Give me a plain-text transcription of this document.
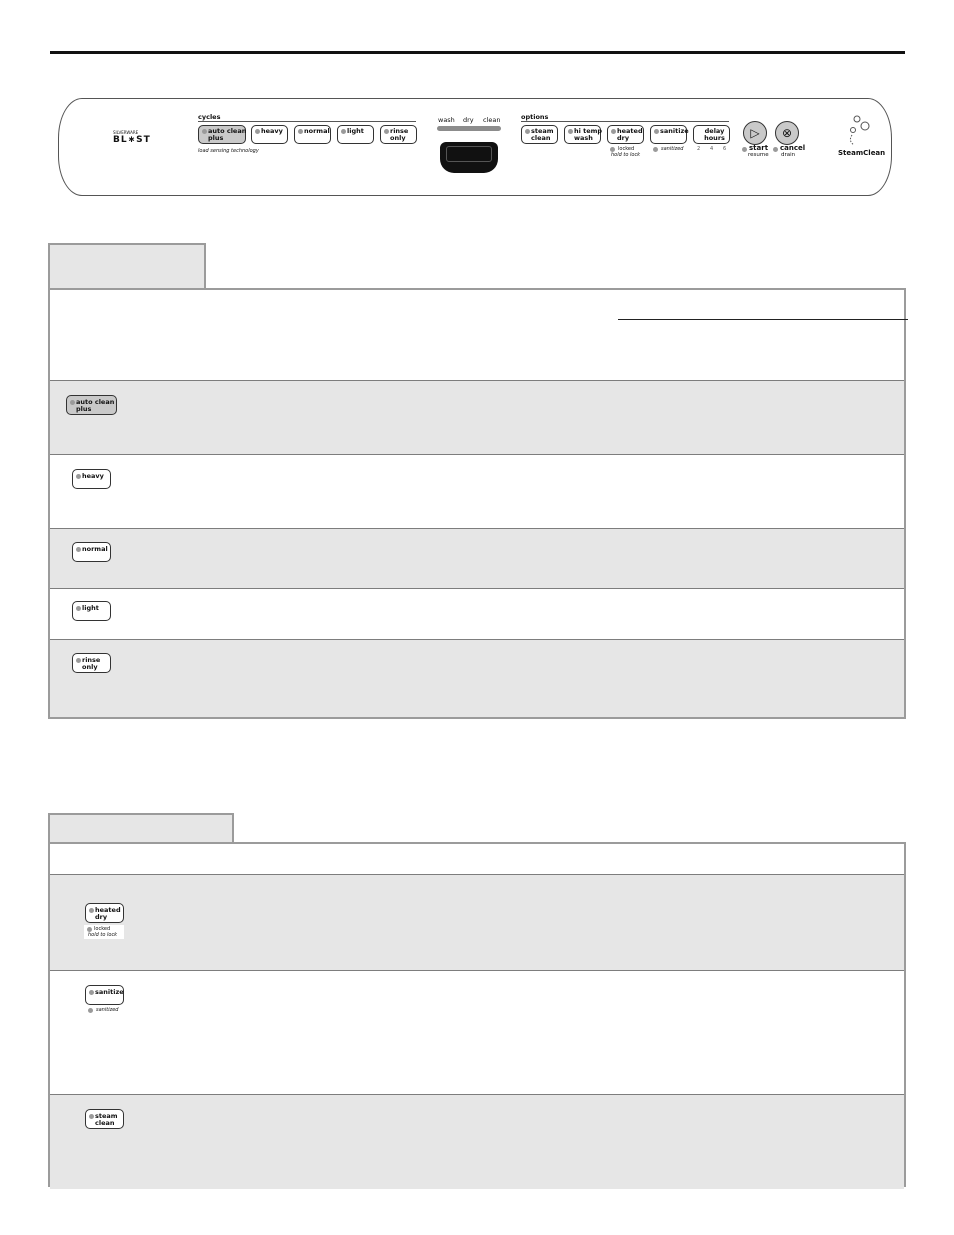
SILVERWARE
BL∗ST
cycles
auto clean
plus
heavy	normal	light	rinse
only
load sensing technology
wash dry clean	options
steam
clean
hi temp
wash
heated
dry
sanitize	delay
hours
locked
hold to lock
sanitized	2 4 6
▷
start
resume
⊗
cancel
drain	SteamClean
auto clean
plus
heavy
normal
light
rinse
only
heated
dry
locked
hold to lock
sanitize
sanitized
steam
clean
